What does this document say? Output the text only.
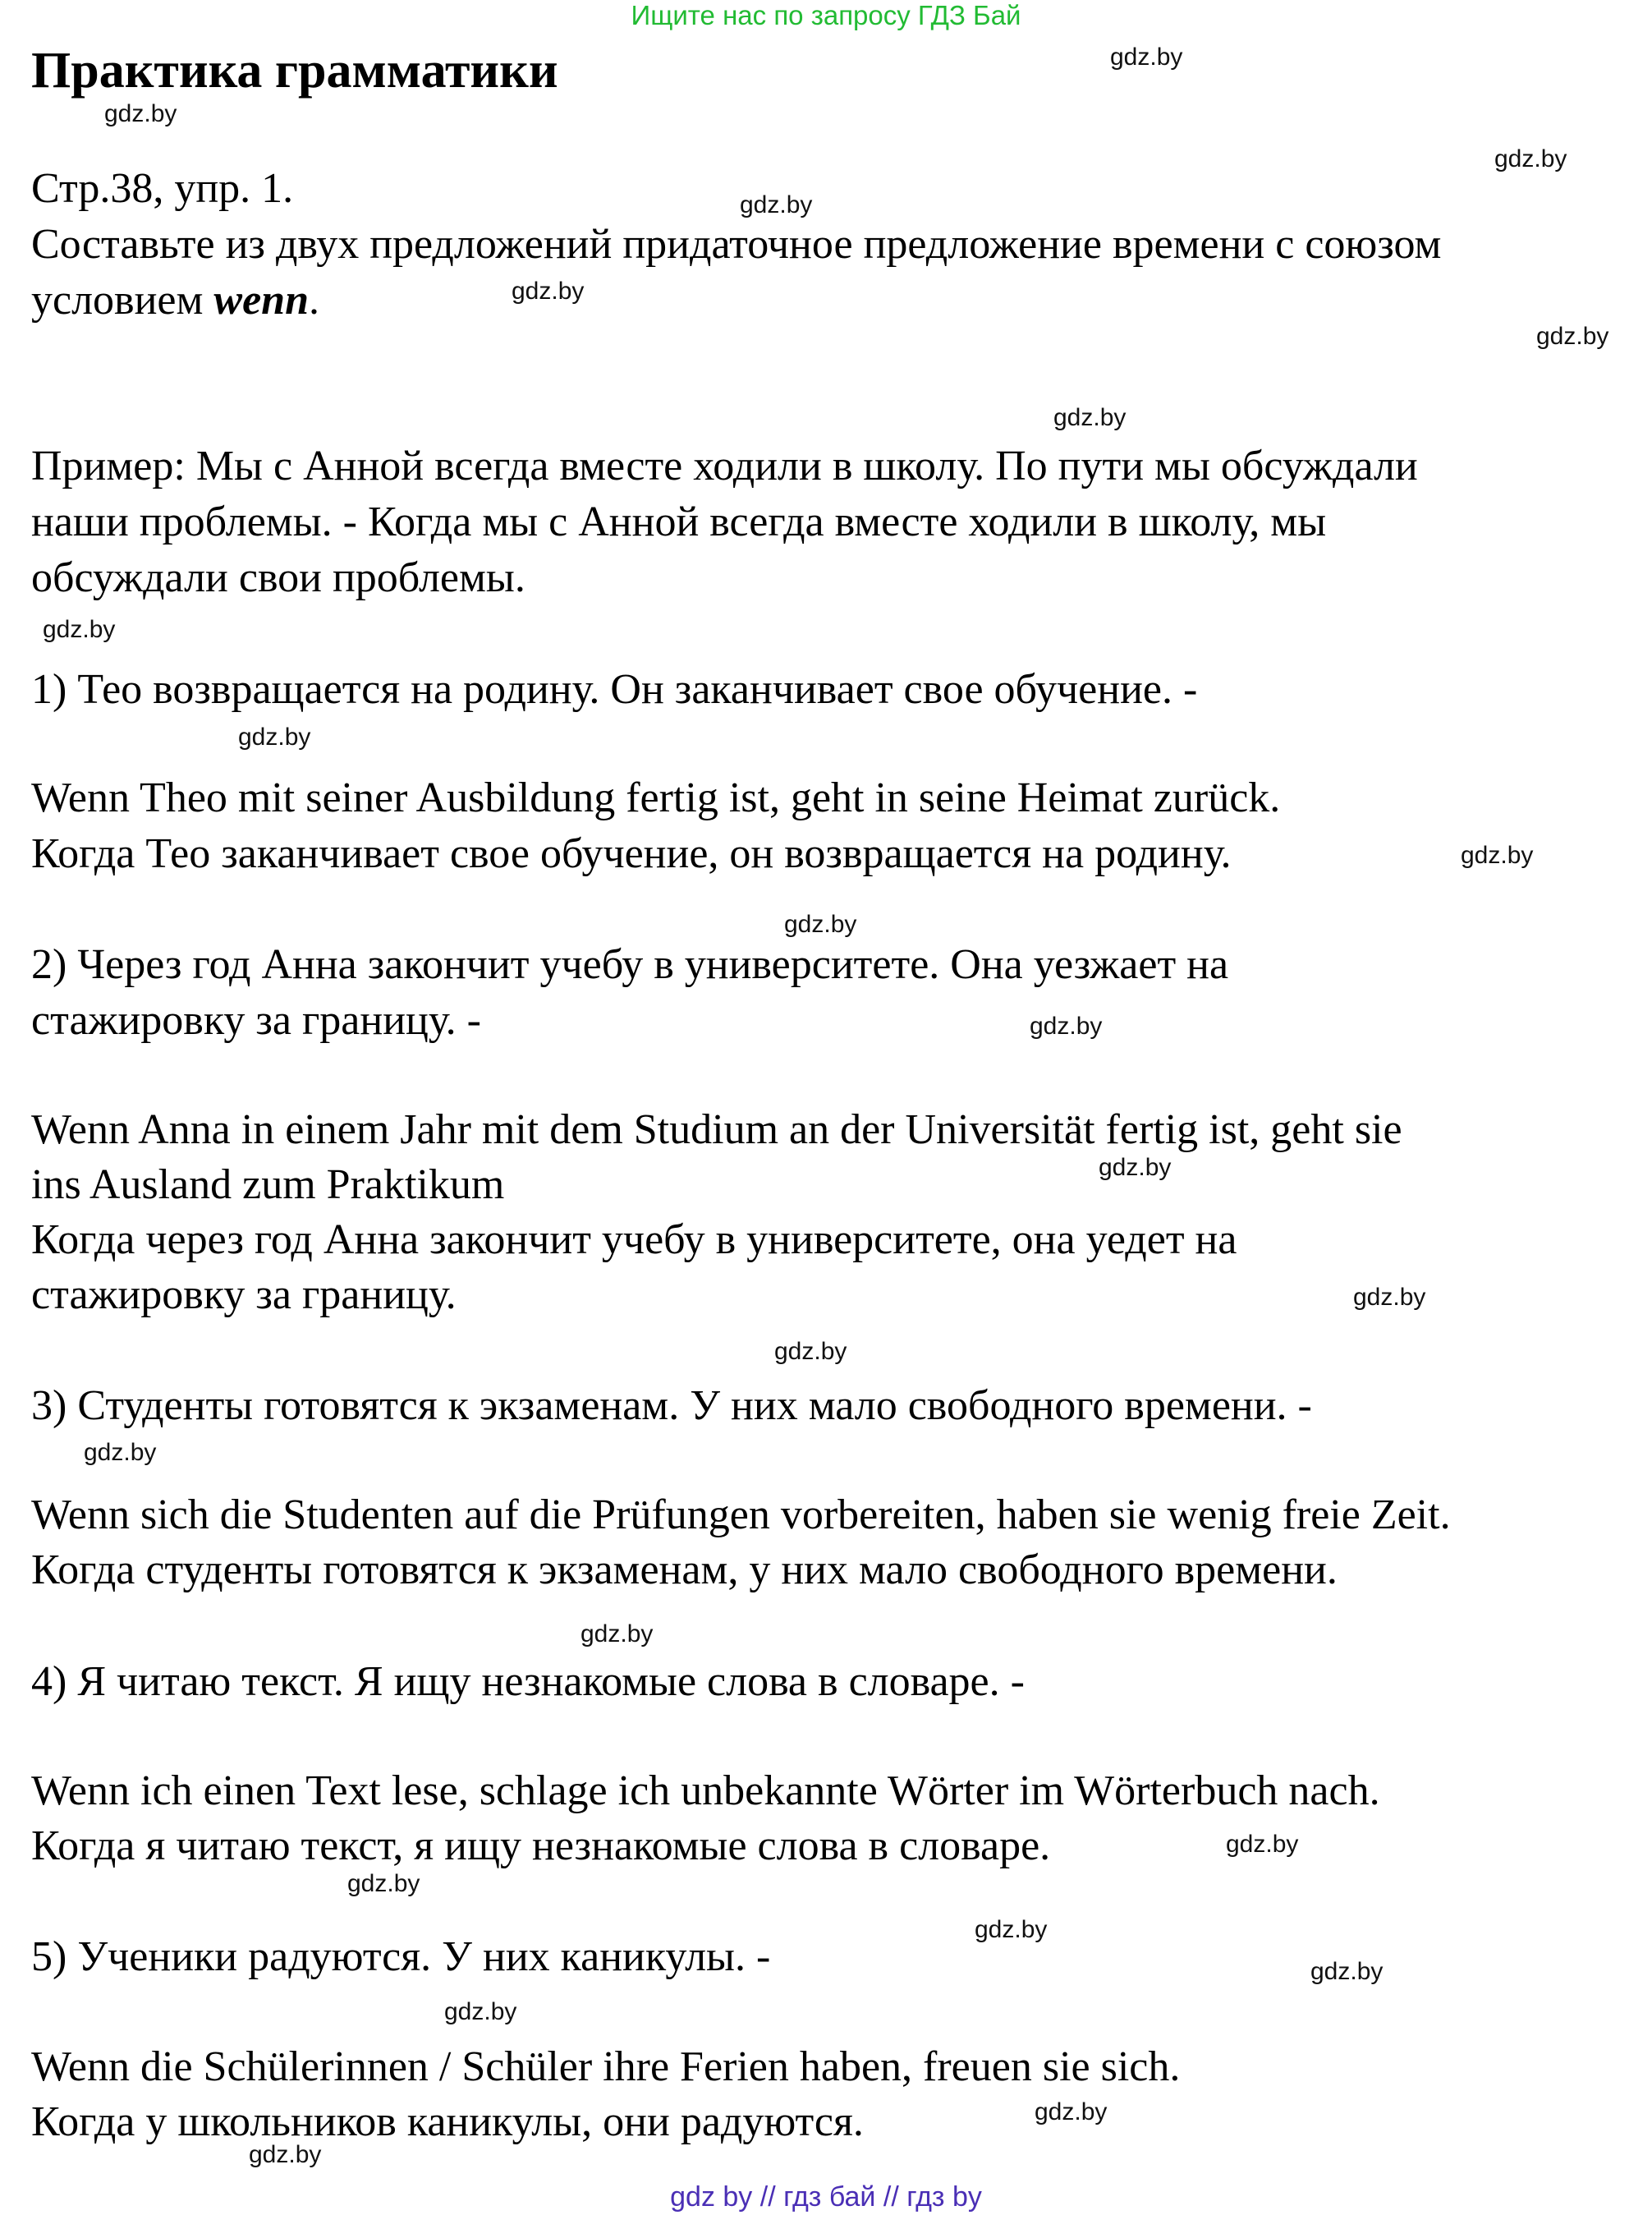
Ищите нас по запросу ГДЗ Бай
Практика грамматики
Стр.38, упр. 1.
Составьте из двух предложений придаточное предложение времени с союзом
условием wenn.
Пример: Мы с Анной всегда вместе ходили в школу. По пути мы обсуждали
наши проблемы. - Когда мы с Анной всегда вместе ходили в школу, мы
обсуждали свои проблемы.
1) Тео возвращается на родину. Он заканчивает свое обучение. -
Wenn Theo mit seiner Ausbildung fertig ist, geht in seine Heimat zurück.
Когда Тео заканчивает свое обучение, он возвращается на родину.
2) Через год Анна закончит учебу в университете. Она уезжает на
стажировку за границу. -
Wenn Anna in einem Jahr mit dem Studium an der Universität fertig ist, geht sie
ins Ausland zum Praktikum
Когда через год Анна закончит учебу в университете, она уедет на
стажировку за границу.
3) Студенты готовятся к экзаменам. У них мало свободного времени. -
Wenn sich die Studenten auf die Prüfungen vorbereiten, haben sie wenig freie Zeit.
Когда студенты готовятся к экзаменам, у них мало свободного времени.
4) Я читаю текст. Я ищу незнакомые слова в словаре. -
Wenn ich einen Text lese, schlage ich unbekannte Wörter im Wörterbuch nach.
Когда я читаю текст, я ищу незнакомые слова в словаре.
5) Ученики радуются. У них каникулы. -
Wenn die Schülerinnen / Schüler ihre Ferien haben, freuen sie sich.
Когда у школьников каникулы, они радуются.
gdz.by
gdz.by
gdz.by
gdz.by
gdz.by
gdz.by
gdz.by
gdz.by
gdz.by
gdz.by
gdz.by
gdz.by
gdz.by
gdz.by
gdz.by
gdz.by
gdz.by
gdz.by
gdz.by
gdz.by
gdz.by
gdz.by
gdz.by
gdz.by
gdz by // гдз бай // гдз by
